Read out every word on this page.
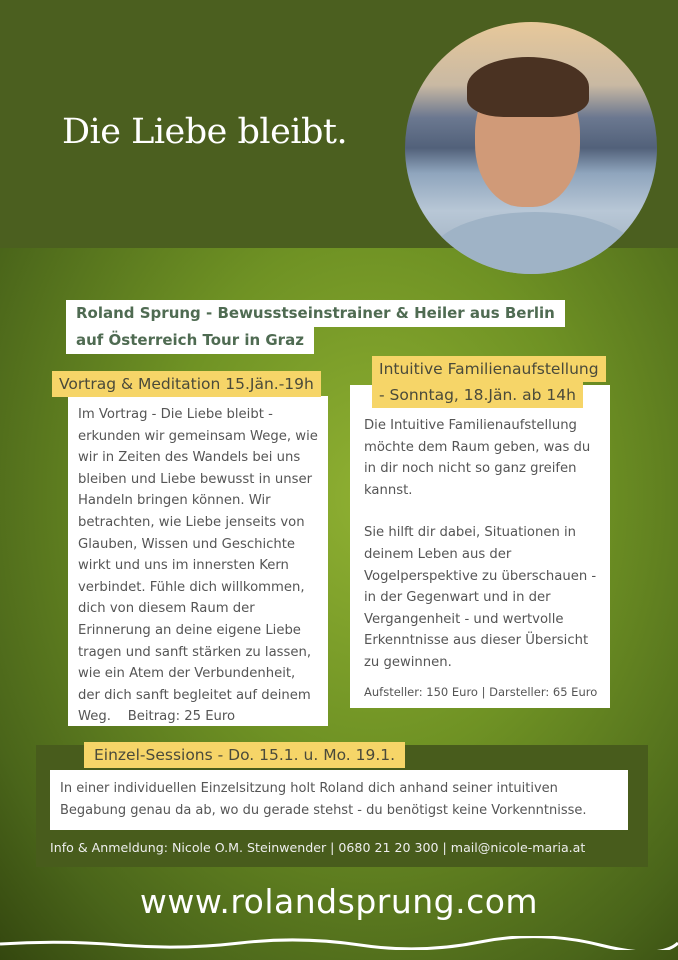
Die Liebe bleibt.
Roland Sprung - Bewusstseinstrainer & Heiler aus Berlin
auf Österreich Tour in Graz
Im Vortrag - Die Liebe bleibt - erkunden wir gemeinsam Wege, wie wir in Zeiten des Wandels bei uns bleiben und Liebe bewusst in unser Handeln bringen können. Wir betrachten, wie Liebe jenseits von Glauben, Wissen und Geschichte wirkt und uns im innersten Kern verbindet. Fühle dich willkommen, dich von diesem Raum der Erinnerung an deine eigene Liebe tragen und sanft stärken zu lassen, wie ein Atem der Verbundenheit, der dich sanft begleitet auf deinem Weg. Beitrag: 25 Euro
Vortrag & Meditation 15.Jän.-19h
Die Intuitive Familienaufstellung möchte dem Raum geben, was du in dir noch nicht so ganz greifen kannst.
Sie hilft dir dabei, Situationen in deinem Leben aus der Vogelperspektive zu überschauen - in der Gegenwart und in der Vergangenheit - und wertvolle Erkenntnisse aus dieser Übersicht zu gewinnen.
Aufsteller: 150 Euro | Darsteller: 65 Euro
Intuitive Familienaufstellung
- Sonntag, 18.Jän. ab 14h
In einer individuellen Einzelsitzung holt Roland dich anhand seiner intuitiven Begabung genau da ab, wo du gerade stehst - du benötigst keine Vorkenntnisse.
Einzel-Sessions - Do. 15.1. u. Mo. 19.1.
Info & Anmeldung: Nicole O.M. Steinwender | 0680 21 20 300 | mail@nicole-maria.at
www.rolandsprung.com
